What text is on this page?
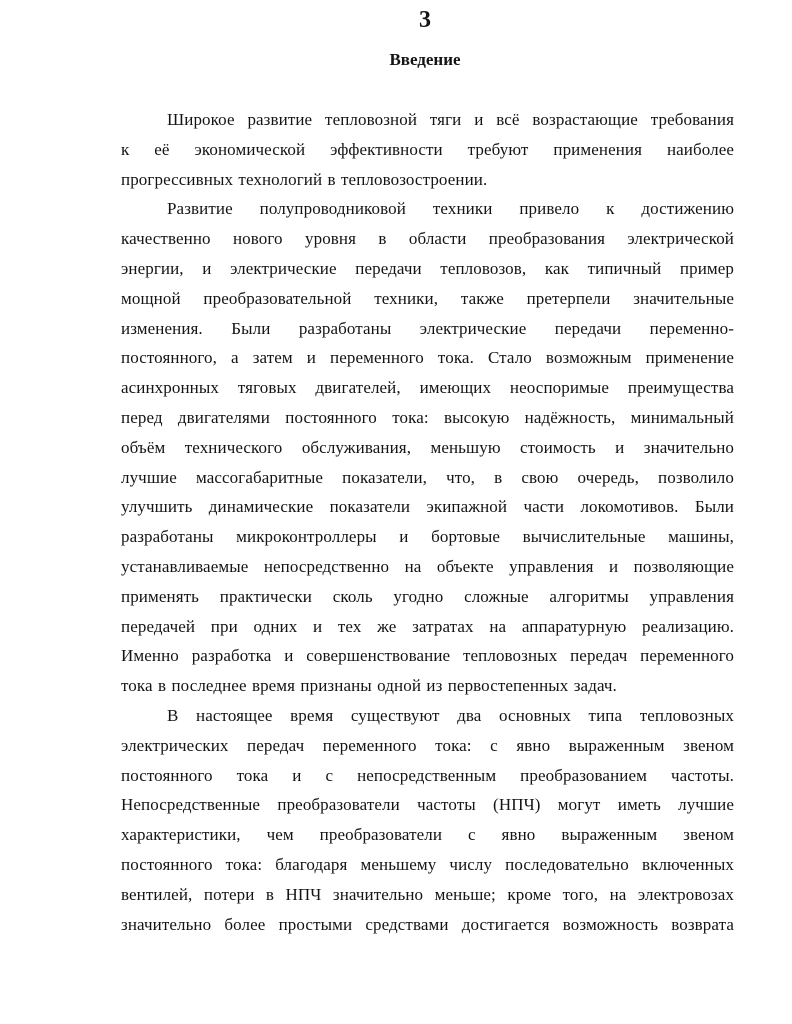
3
Введение

Широкое развитие тепловозной тяги и всё возрастающие требования
к её экономической эффективности требуют применения наиболее
прогрессивных технологий в тепловозостроении.

Развитие полупроводниковой техники привело к достижению
качественно нового уровня в области преобразования электрической
энергии, и электрические передачи тепловозов, как типичный пример
мощной преобразовательной техники, также претерпели значительные
изменения. Были разработаны электрические передачи переменно-
постоянного, а затем и переменного тока. Стало возможным применение
асинхронных тяговых двигателей, имеющих неоспоримые преимущества
перед двигателями постоянного тока: высокую надёжность, минимальный
объём технического обслуживания, меньшую стоимость и значительно
лучшие массогабаритные показатели, что, в свою очередь, позволило
улучшить динамические показатели экипажной части локомотивов. Были
разработаны микроконтроллеры и бортовые вычислительные машины,
устанавливаемые непосредственно на объекте управления и позволяющие
применять практически сколь угодно сложные алгоритмы управления
передачей при одних и тех же затратах на аппаратурную реализацию.
Именно разработка и совершенствование тепловозных передач переменного
тока в последнее время признаны одной из первостепенных задач.

В настоящее время существуют два основных типа тепловозных
электрических передач переменного тока: с явно выраженным звеном
постоянного тока и с непосредственным преобразованием частоты.
Непосредственные преобразователи частоты (НПЧ) могут иметь лучшие
характеристики, чем преобразователи с явно выраженным звеном
постоянного тока: благодаря меньшему числу последовательно включенных
вентилей, потери в НПЧ значительно меньше; кроме того, на электровозах
значительно более простыми средствами достигается возможность возврата
